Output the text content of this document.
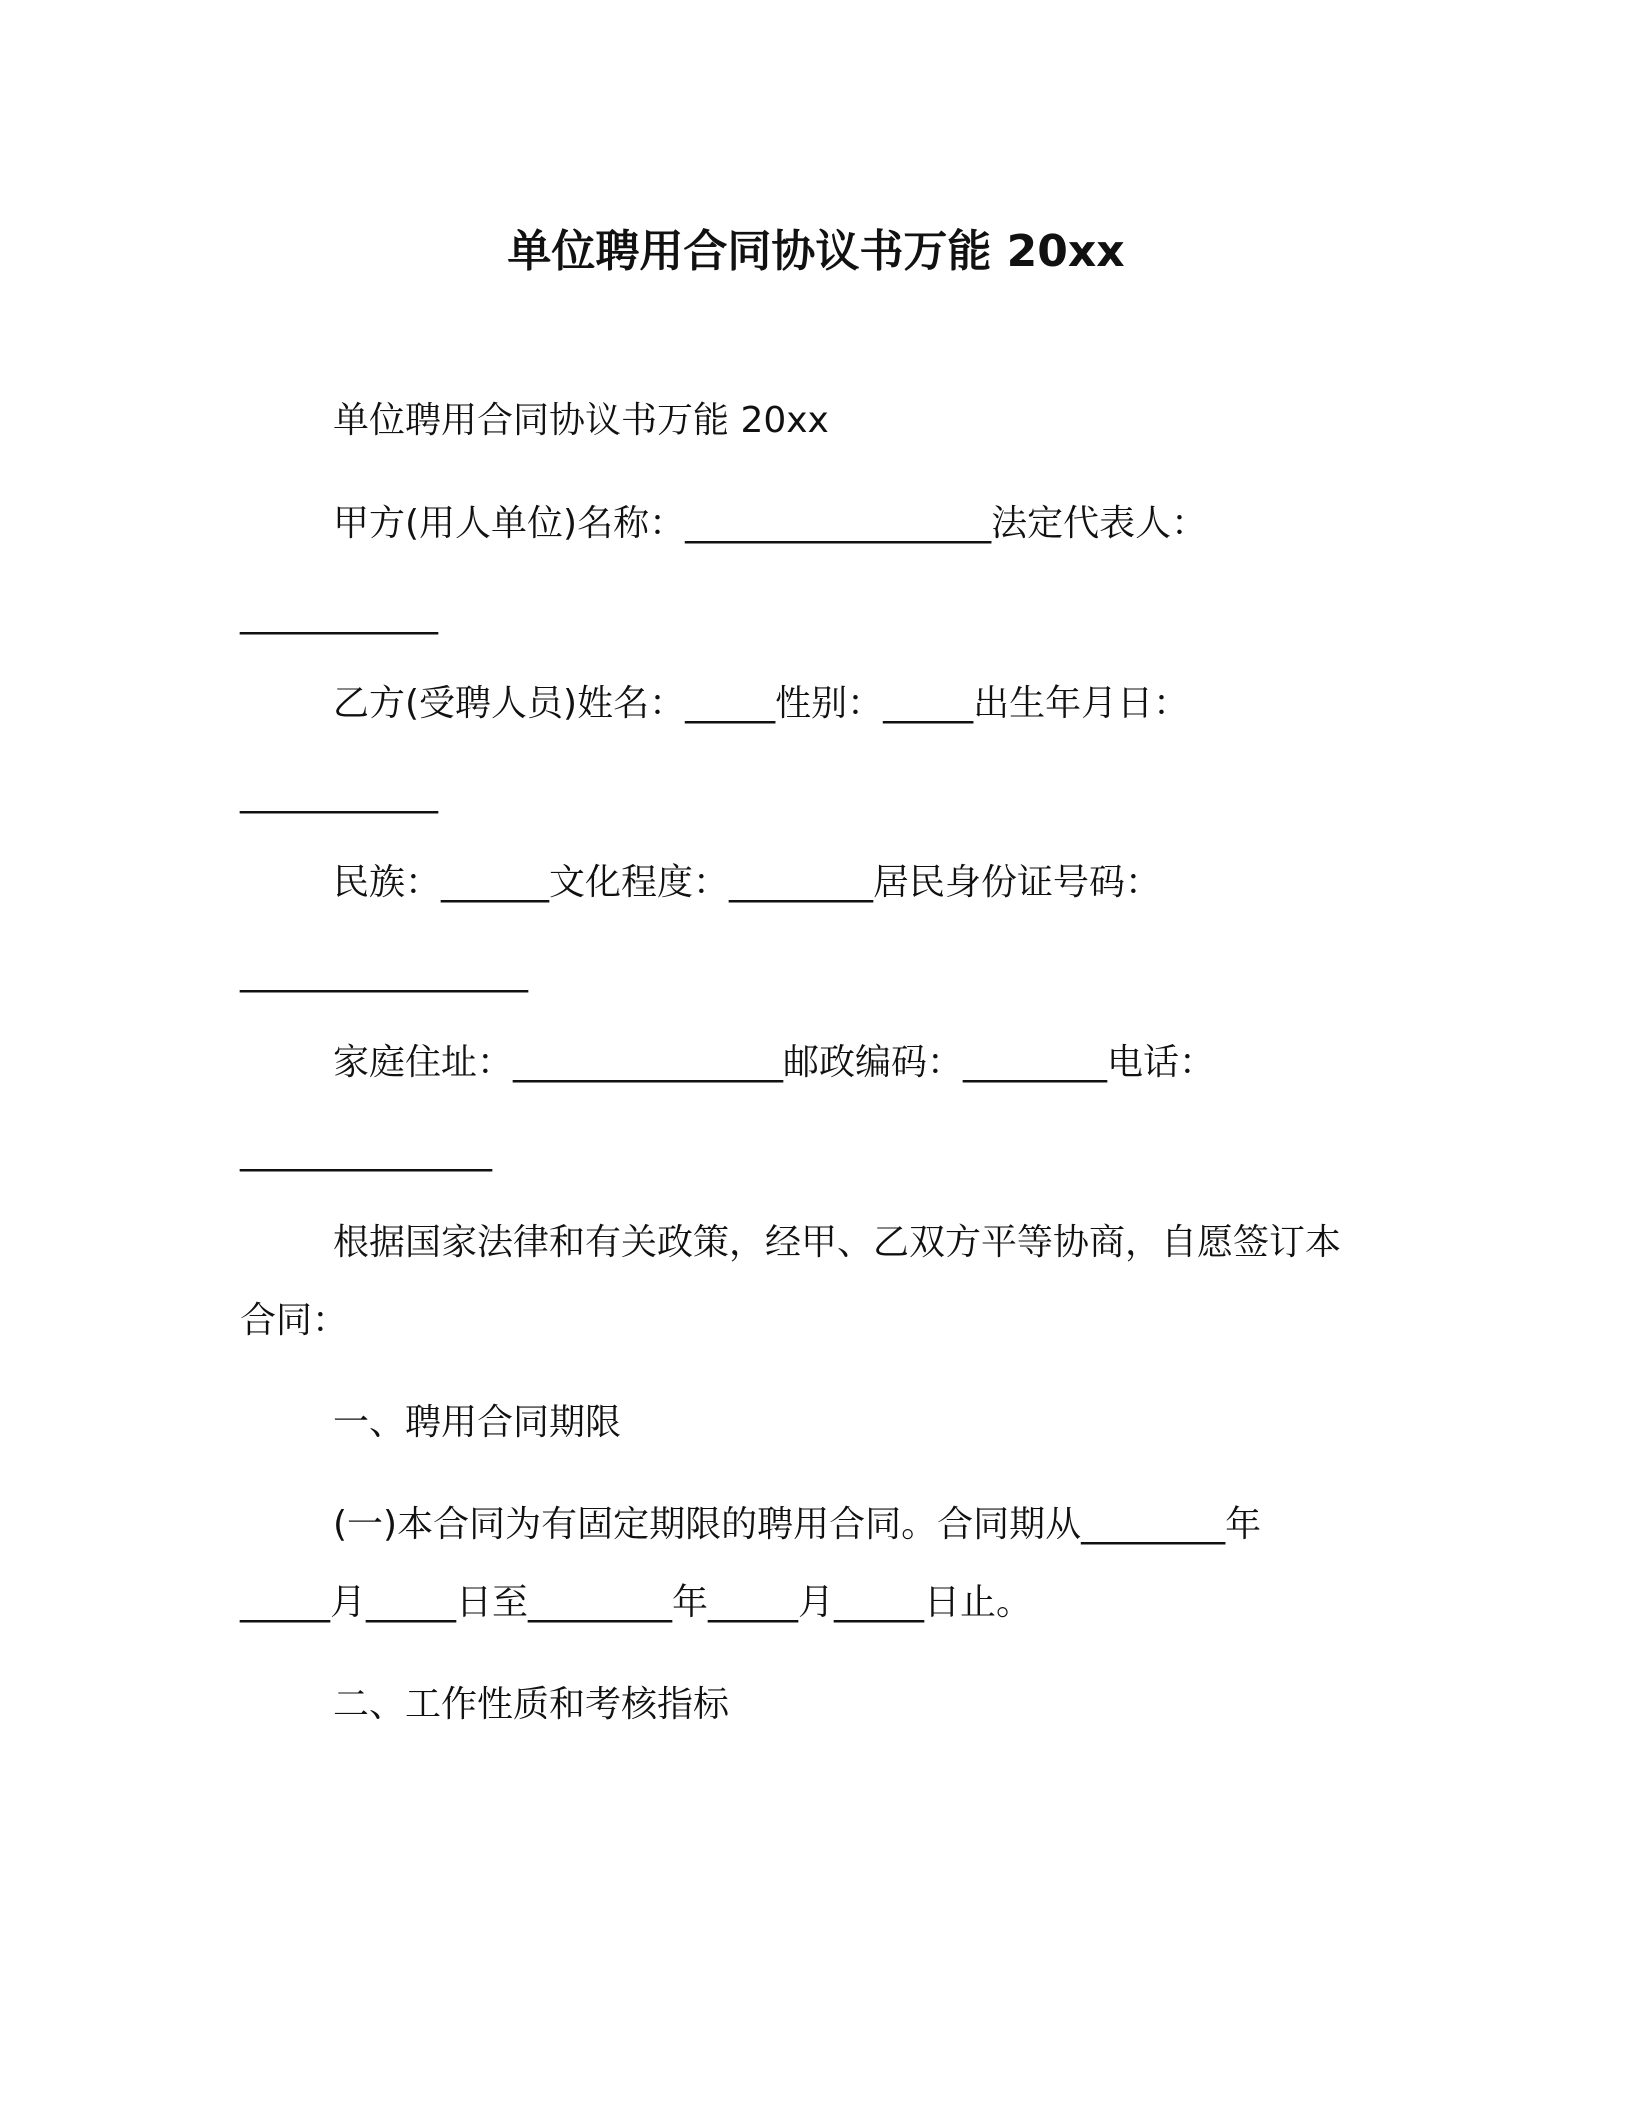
单位聘用合同协议书万能 20xx
单位聘用合同协议书万能 20xx
甲方(用人单位)名称：_________________法定代表人：
___________
乙方(受聘人员)姓名：_____性别：_____出生年月日：
___________
民族：______文化程度：________居民身份证号码：
________________
家庭住址：_______________邮政编码：________电话：
______________
根据国家法律和有关政策，经甲、乙双方平等协商，自愿签订本
合同：
一、聘用合同期限
(一)本合同为有固定期限的聘用合同。合同期从________年
_____月_____日至________年_____月_____日止。
二、工作性质和考核指标
